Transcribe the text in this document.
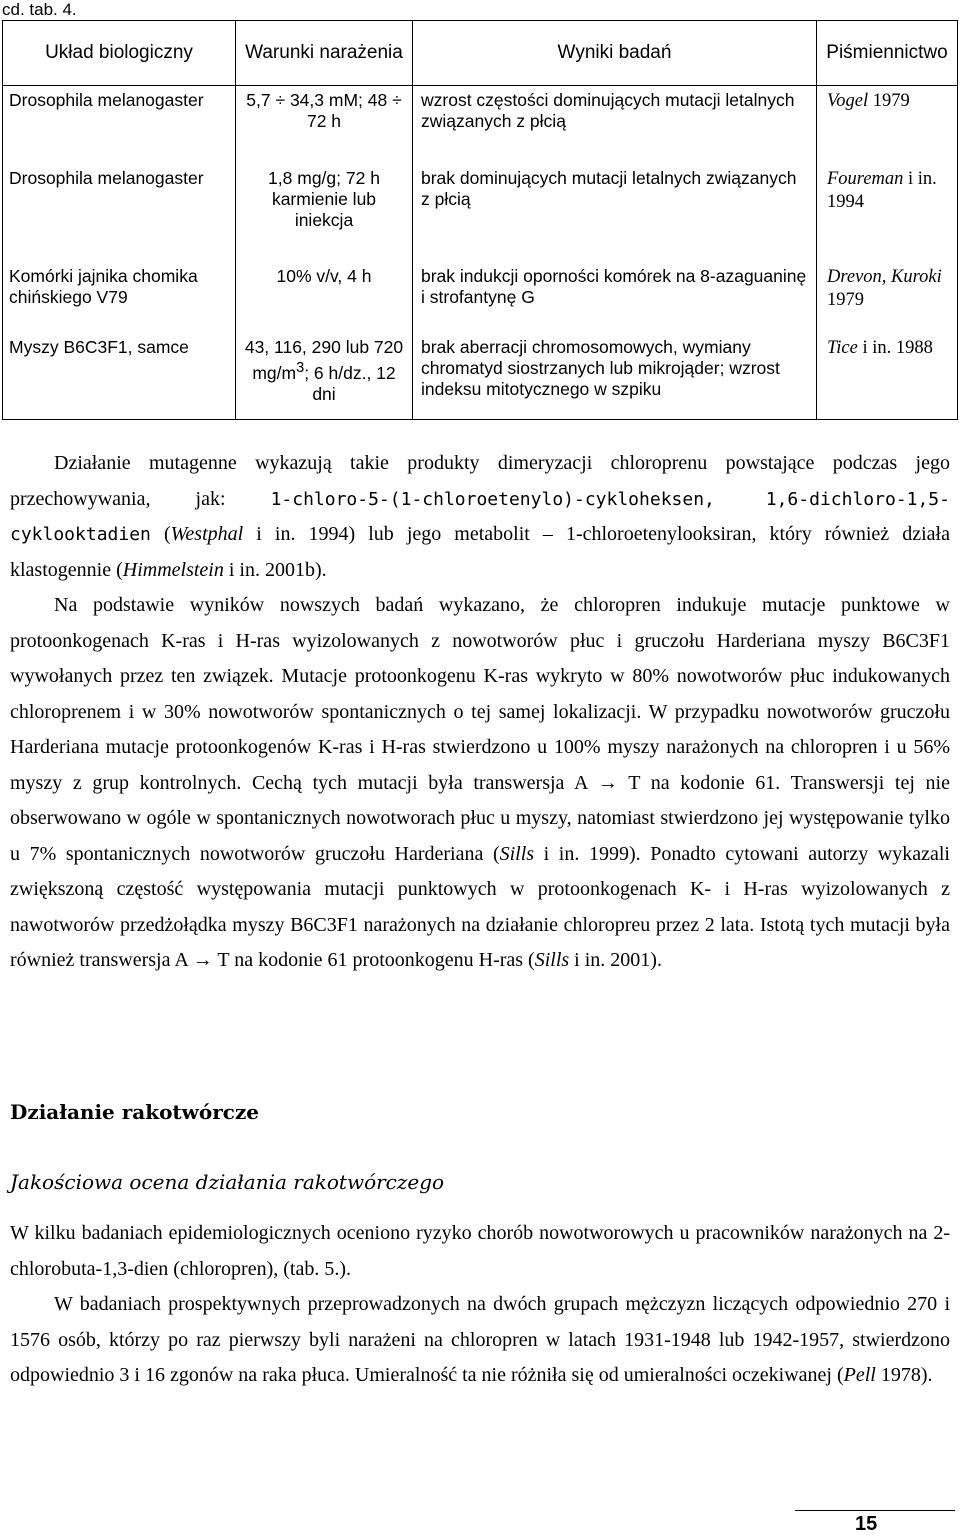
cd. tab. 4.
Układ biologiczny	Warunki narażenia	Wyniki badań	Piśmiennictwo
Drosophila melanogaster	5,7 ÷ 34,3 mM; 48 ÷ 72 h	wzrost częstości dominujących mutacji letalnych związanych z płcią	Vogel 1979
Drosophila melanogaster	1,8 mg/g; 72 h karmienie lub iniekcja	brak dominujących mutacji letalnych związanych z płcią	Foureman i in. 1994
Komórki jajnika chomika chińskiego V79	10% v/v, 4 h	brak indukcji oporności komórek na 8-azaguaninę i strofantynę G	Drevon, Kuroki 1979
Myszy B6C3F1, samce	43, 116, 290 lub 720 $mg/m^3$; 6 h/dz., 12 dni	brak aberracji chromosomowych, wymiany chromatyd siostrzanych lub mikrojąder; wzrost indeksu mitotycznego w szpiku	Tice i in. 1988

Działanie mutagenne wykazują takie produkty dimeryzacji chloroprenu powstające podczas jego przechowywania, jak: 1-chloro-5-(1-chloroetenylo)-cykloheksen, 1,6-dichloro-1,5-cyklooktadien (Westphal i in. 1994) lub jego metabolit – 1-chloroetenylooksiran, który również działa klastogennie (Himmelstein i in. 2001b).

Na podstawie wyników nowszych badań wykazano, że chloropren indukuje mutacje punktowe w protoonkogenach K-ras i H-ras wyizolowanych z nowotworów płuc i gruczołu Harderiana myszy B6C3F1 wywołanych przez ten związek. Mutacje protoonkogenu K-ras wykryto w 80% nowotworów płuc indukowanych chloroprenem i w 30% nowotworów spontanicznych o tej samej lokalizacji. W przypadku nowotworów gruczołu Harderiana mutacje protoonkogenów K-ras i H-ras stwierdzono u 100% myszy narażonych na chloropren i u 56% myszy z grup kontrolnych. Cechą tych mutacji była transwersja A → T na kodonie 61. Transwersji tej nie obserwowano w ogóle w spontanicznych nowotworach płuc u myszy, natomiast stwierdzono jej występowanie tylko u 7% spontanicznych nowotworów gruczołu Harderiana (Sills i in. 1999). Ponadto cytowani autorzy wykazali zwiększoną częstość występowania mutacji punktowych w protoonkogenach K- i H-ras wyizolowanych z nawotworów przedżołądka myszy B6C3F1 narażonych na działanie chloropreu przez 2 lata. Istotą tych mutacji była również transwersja A → T na kodonie 61 protoonkogenu H-ras (Sills i in. 2001).

Działanie rakotwórcze
Jakościowa ocena działania rakotwórczego

W kilku badaniach epidemiologicznych oceniono ryzyko chorób nowotworowych u pracowników narażonych na 2-chlorobuta-1,3-dien (chloropren), (tab. 5.).

W badaniach prospektywnych przeprowadzonych na dwóch grupach mężczyzn liczących odpowiednio 270 i 1576 osób, którzy po raz pierwszy byli narażeni na chloropren w latach 1931-1948 lub 1942-1957, stwierdzono odpowiednio 3 i 16 zgonów na raka płuca. Umieralność ta nie różniła się od umieralności oczekiwanej (Pell 1978).

15
